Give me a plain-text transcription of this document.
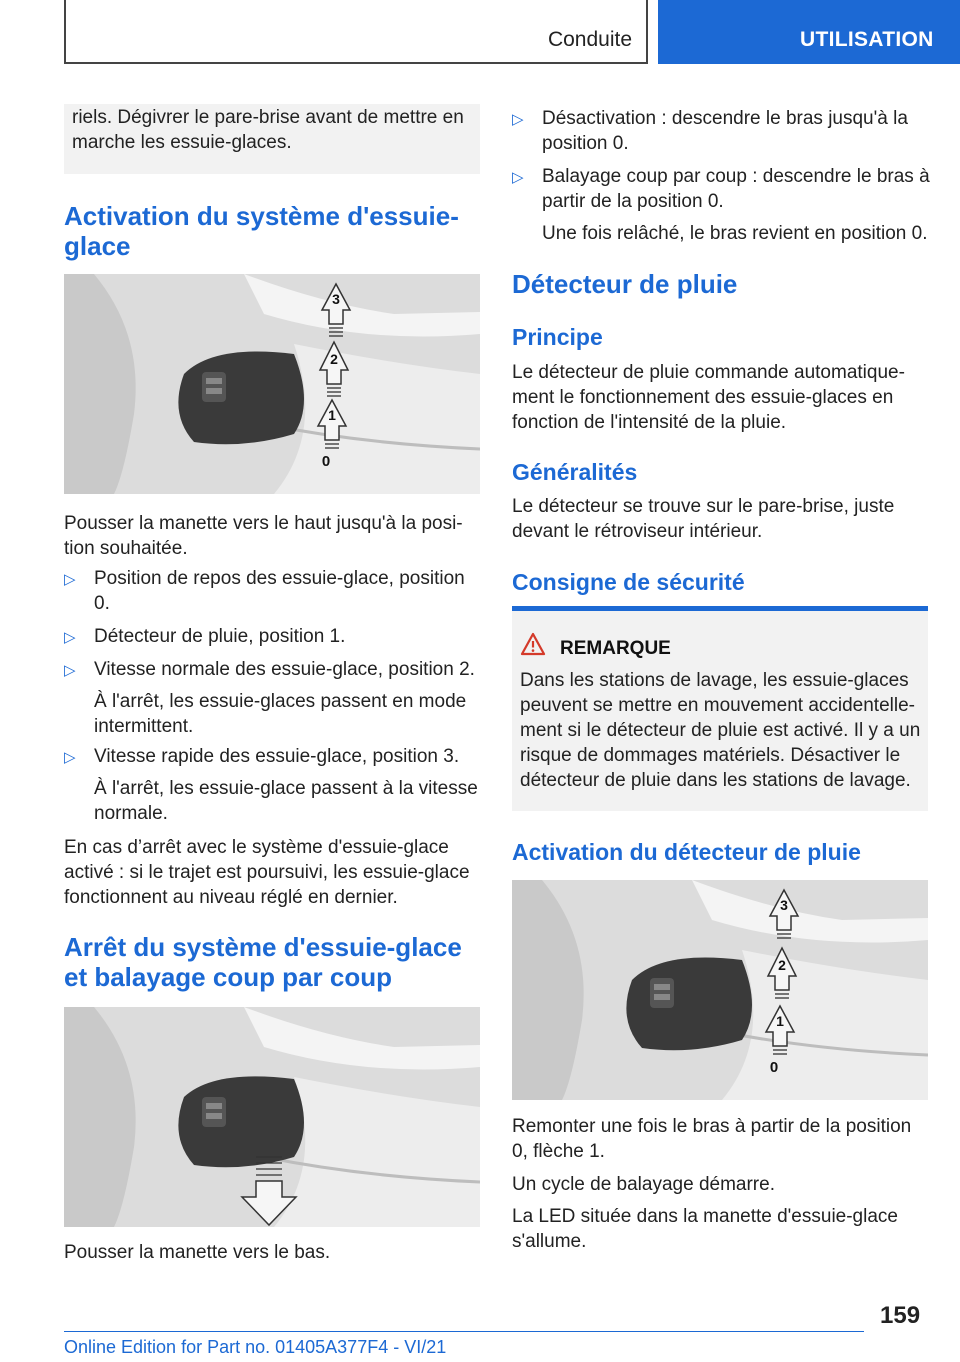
Conduite	UTILISATION

riels. Dégivrer le pare-brise avant de mettre en

marche les essuie-glaces.

Activation du système d'essuie-

glace

3
2
1
0

Pousser la manette vers le haut jusqu'à la posi-

tion souhaitée.

▷ Position de repos des essuie-glace, position

0.

▷ Détecteur de pluie, position 1.

▷ Vitesse normale des essuie-glace, position 2.

À l'arrêt, les essuie-glaces passent en mode

intermittent.

▷ Vitesse rapide des essuie-glace, position 3.

À l'arrêt, les essuie-glace passent à la vitesse

normale.

En cas d’arrêt avec le système d'essuie-glace

activé : si le trajet est poursuivi, les essuie-glace

fonctionnent au niveau réglé en dernier.

Arrêt du système d'essuie-glace

et balayage coup par coup

Pousser la manette vers le bas.

▷ Désactivation : descendre le bras jusqu'à la

position 0.

▷ Balayage coup par coup : descendre le bras à

partir de la position 0.

Une fois relâché, le bras revient en position 0.

Détecteur de pluie

Principe

Le détecteur de pluie commande automatique-

ment le fonctionnement des essuie-glaces en

fonction de l'intensité de la pluie.

Généralités

Le détecteur se trouve sur le pare-brise, juste

devant le rétroviseur intérieur.

Consigne de sécurité

REMARQUE

Dans les stations de lavage, les essuie-glaces

peuvent se mettre en mouvement accidentelle-

ment si le détecteur de pluie est activé. Il y a un

risque de dommages matériels. Désactiver le

détecteur de pluie dans les stations de lavage.

Activation du détecteur de pluie

3
2
1
0

Remonter une fois le bras à partir de la position

0, flèche 1.

Un cycle de balayage démarre.

La LED située dans la manette d'essuie-glace

s'allume.

159
Online Edition for Part no. 01405A377F4 - VI/21
